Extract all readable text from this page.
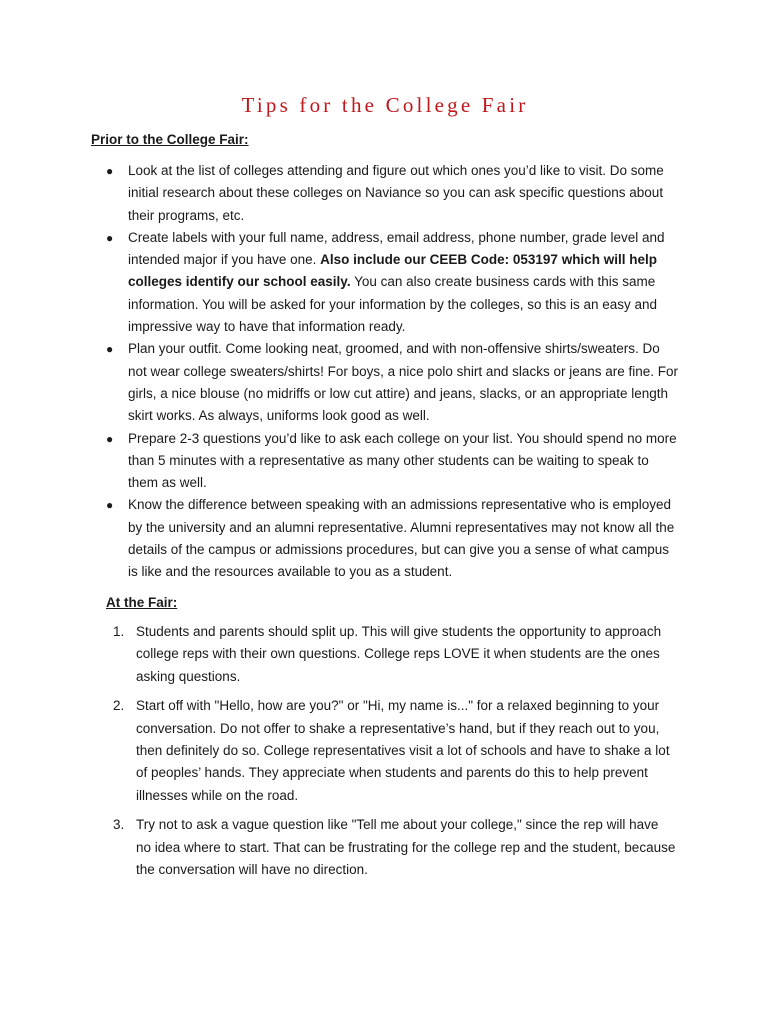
Tips for the College Fair
Prior to the College Fair:
● Look at the list of colleges attending and figure out which ones you’d like to visit. Do some initial research about these colleges on Naviance so you can ask specific questions about their programs, etc.
● Create labels with your full name, address, email address, phone number, grade level and intended major if you have one. Also include our CEEB Code: 053197 which will help colleges identify our school easily. You can also create business cards with this same information. You will be asked for your information by the colleges, so this is an easy and impressive way to have that information ready.
● Plan your outfit. Come looking neat, groomed, and with non-offensive shirts/sweaters. Do not wear college sweaters/shirts! For boys, a nice polo shirt and slacks or jeans are fine. For girls, a nice blouse (no midriffs or low cut attire) and jeans, slacks, or an appropriate length skirt works. As always, uniforms look good as well.
● Prepare 2-3 questions you’d like to ask each college on your list. You should spend no more than 5 minutes with a representative as many other students can be waiting to speak to them as well.
● Know the difference between speaking with an admissions representative who is employed by the university and an alumni representative. Alumni representatives may not know all the details of the campus or admissions procedures, but can give you a sense of what campus is like and the resources available to you as a student.
At the Fair:
1. Students and parents should split up. This will give students the opportunity to approach college reps with their own questions. College reps LOVE it when students are the ones asking questions.
2. Start off with "Hello, how are you?" or "Hi, my name is..." for a relaxed beginning to your conversation. Do not offer to shake a representative’s hand, but if they reach out to you, then definitely do so. College representatives visit a lot of schools and have to shake a lot of peoples’ hands. They appreciate when students and parents do this to help prevent illnesses while on the road.
3. Try not to ask a vague question like "Tell me about your college," since the rep will have no idea where to start. That can be frustrating for the college rep and the student, because the conversation will have no direction.
